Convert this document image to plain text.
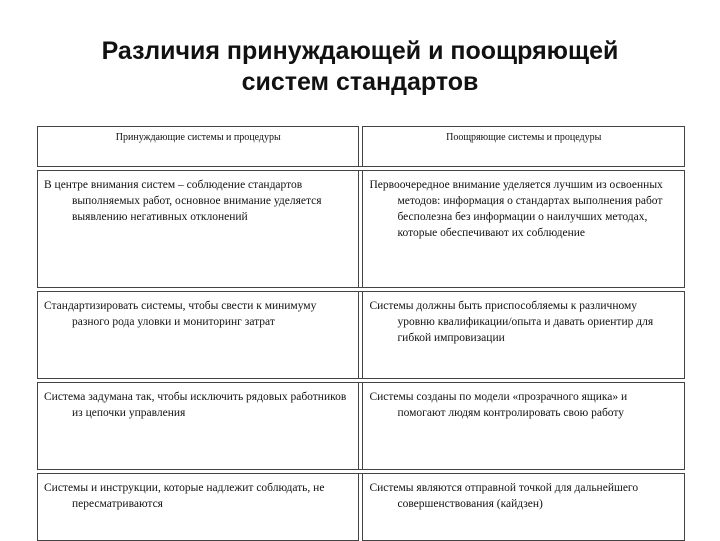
Различия принуждающей и поощряющей
систем стандартов
Принуждающие системы и процедуры		Поощряющие системы и процедуры

В центре внимания систем – соблюдение стандартов выполняемых работ, основное внимание уделяется выявлению негативных отклонений		Первоочередное внимание уделяется лучшим из освоенных методов: информация о стандартах выполнения работ бесполезна без информации о наилучших методах, которые обеспечивают их соблюдение

Стандартизировать системы, чтобы свести к минимуму разного рода уловки и мониторинг затрат		Системы должны быть приспособляемы к различному уровню квалификации/опыта и давать ориентир для гибкой импровизации

Система задумана так, чтобы исключить рядовых работников из цепочки управления		Системы созданы по модели «прозрачного ящика» и помогают людям контролировать свою работу

Системы и инструкции, которые надлежит соблюдать, не пересматриваются		Системы являются отправной точкой для дальнейшего совершенствования (кайдзен)
